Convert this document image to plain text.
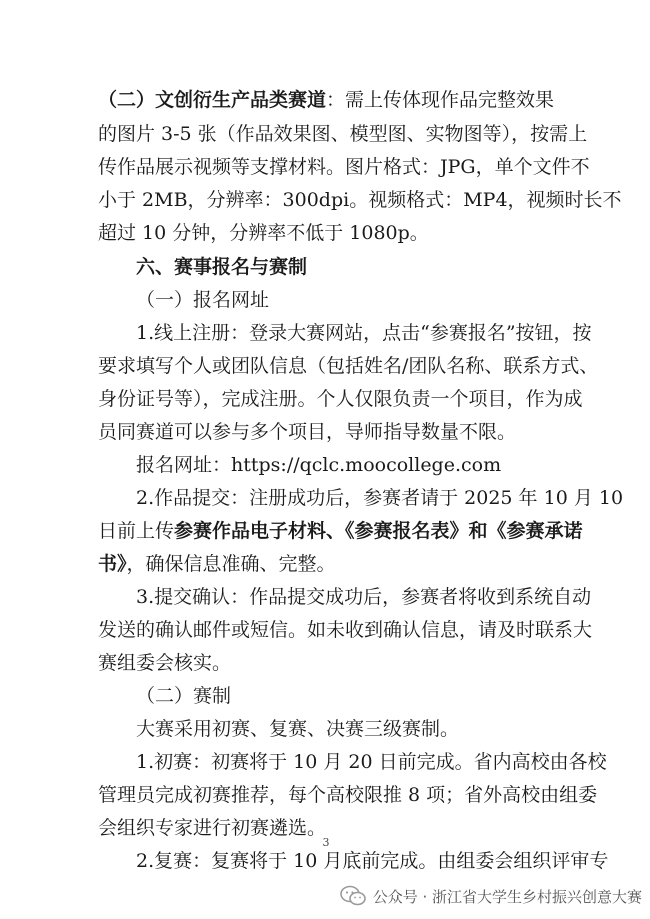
（二）文创衍生产品类赛道：需上传体现作品完整效果
的图片 3-5 张（作品效果图、模型图、实物图等），按需上
传作品展示视频等支撑材料。图片格式：JPG，单个文件不
小于 2MB，分辨率：300dpi。视频格式：MP4，视频时长不
超过 10 分钟，分辨率不低于 1080p。
六、赛事报名与赛制
（一）报名网址
1.线上注册：登录大赛网站，点击“参赛报名”按钮，按
要求填写个人或团队信息（包括姓名/团队名称、联系方式、
身份证号等），完成注册。个人仅限负责一个项目，作为成
员同赛道可以参与多个项目，导师指导数量不限。
报名网址：https://qclc.moocollege.com
2.作品提交：注册成功后，参赛者请于 2025 年 10 月 10
日前上传参赛作品电子材料、《参赛报名表》和《参赛承诺
书》，确保信息准确、完整。
3.提交确认：作品提交成功后，参赛者将收到系统自动
发送的确认邮件或短信。如未收到确认信息，请及时联系大
赛组委会核实。
（二）赛制
大赛采用初赛、复赛、决赛三级赛制。
1.初赛：初赛将于 10 月 20 日前完成。省内高校由各校
管理员完成初赛推荐，每个高校限推 8 项；省外高校由组委
会组织专家进行初赛遴选。
2.复赛：复赛将于 10 月底前完成。由组委会组织评审专
3
公众号 · 浙江省大学生乡村振兴创意大赛
